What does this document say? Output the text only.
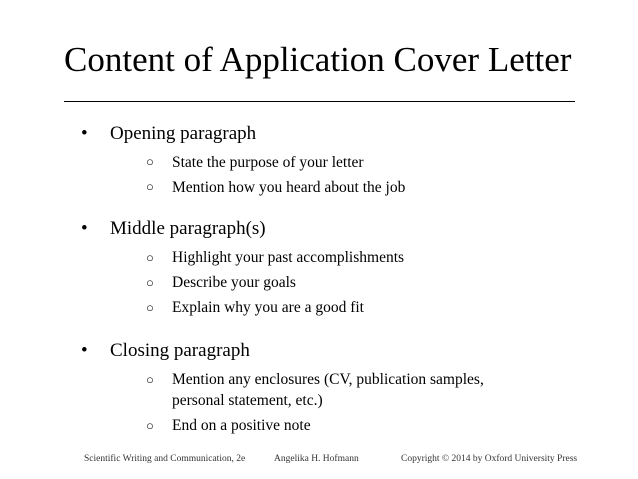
Content of Application Cover Letter
• Opening paragraph
○ State the purpose of your letter
○ Mention how you heard about the job
• Middle paragraph(s)
○ Highlight your past accomplishments
○ Describe your goals
○ Explain why you are a good fit
• Closing paragraph
○ Mention any enclosures (CV, publication samples,
personal statement, etc.)
○ End on a positive note
Scientific Writing and Communication, 2e	Angelika H. Hofmann	Copyright © 2014 by Oxford University Press
